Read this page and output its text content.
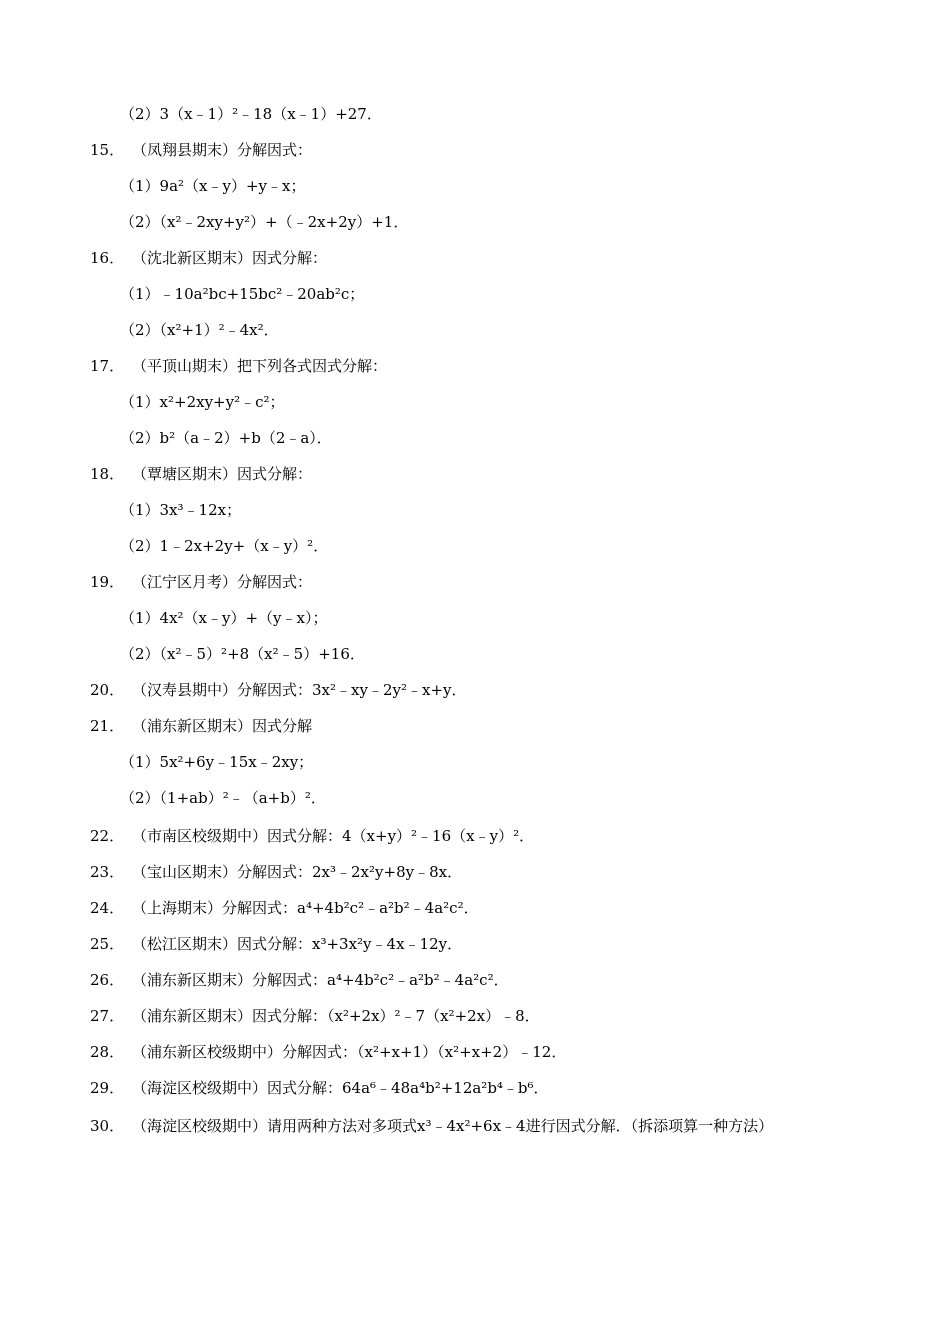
（2）3（x﹣1）²﹣18（x﹣1）+27．
15． （凤翔县期末）分解因式：
（1）9a²（x﹣y）+y﹣x；
（2）（x²﹣2xy+y²）+（﹣2x+2y）+1．
16． （沈北新区期末）因式分解：
（1）﹣10a²bc+15bc²﹣20ab²c；
（2）（x²+1）²﹣4x²．
17． （平顶山期末）把下列各式因式分解：
（1）x²+2xy+y²﹣c²；
（2）b²（a﹣2）+b（2﹣a）．
18． （覃塘区期末）因式分解：
（1）3x³﹣12x；
（2）1﹣2x+2y+（x﹣y）²．
19． （江宁区月考）分解因式：
（1）4x²（x﹣y）+（y﹣x）；
（2）（x²﹣5）²+8（x²﹣5）+16．
20． （汉寿县期中）分解因式：3x²﹣xy﹣2y²﹣x+y．
21． （浦东新区期末）因式分解
（1）5x²+6y﹣15x﹣2xy；
（2）（1+ab）²﹣（a+b）²．
22． （市南区校级期中）因式分解：4（x+y）²﹣16（x﹣y）²．
23． （宝山区期末）分解因式：2x³﹣2x²y+8y﹣8x．
24． （上海期末）分解因式：a⁴+4b²c²﹣a²b²﹣4a²c²．
25． （松江区期末）因式分解：x³+3x²y﹣4x﹣12y．
26． （浦东新区期末）分解因式：a⁴+4b²c²﹣a²b²﹣4a²c²．
27． （浦东新区期末）因式分解：（x²+2x）²﹣7（x²+2x）﹣8．
28． （浦东新区校级期中）分解因式：（x²+x+1）（x²+x+2）﹣12．
29． （海淀区校级期中）因式分解：64a⁶﹣48a⁴b²+12a²b⁴﹣b⁶．
30． （海淀区校级期中）请用两种方法对多项式x³﹣4x²+6x﹣4进行因式分解．（拆添项算一种方法）
